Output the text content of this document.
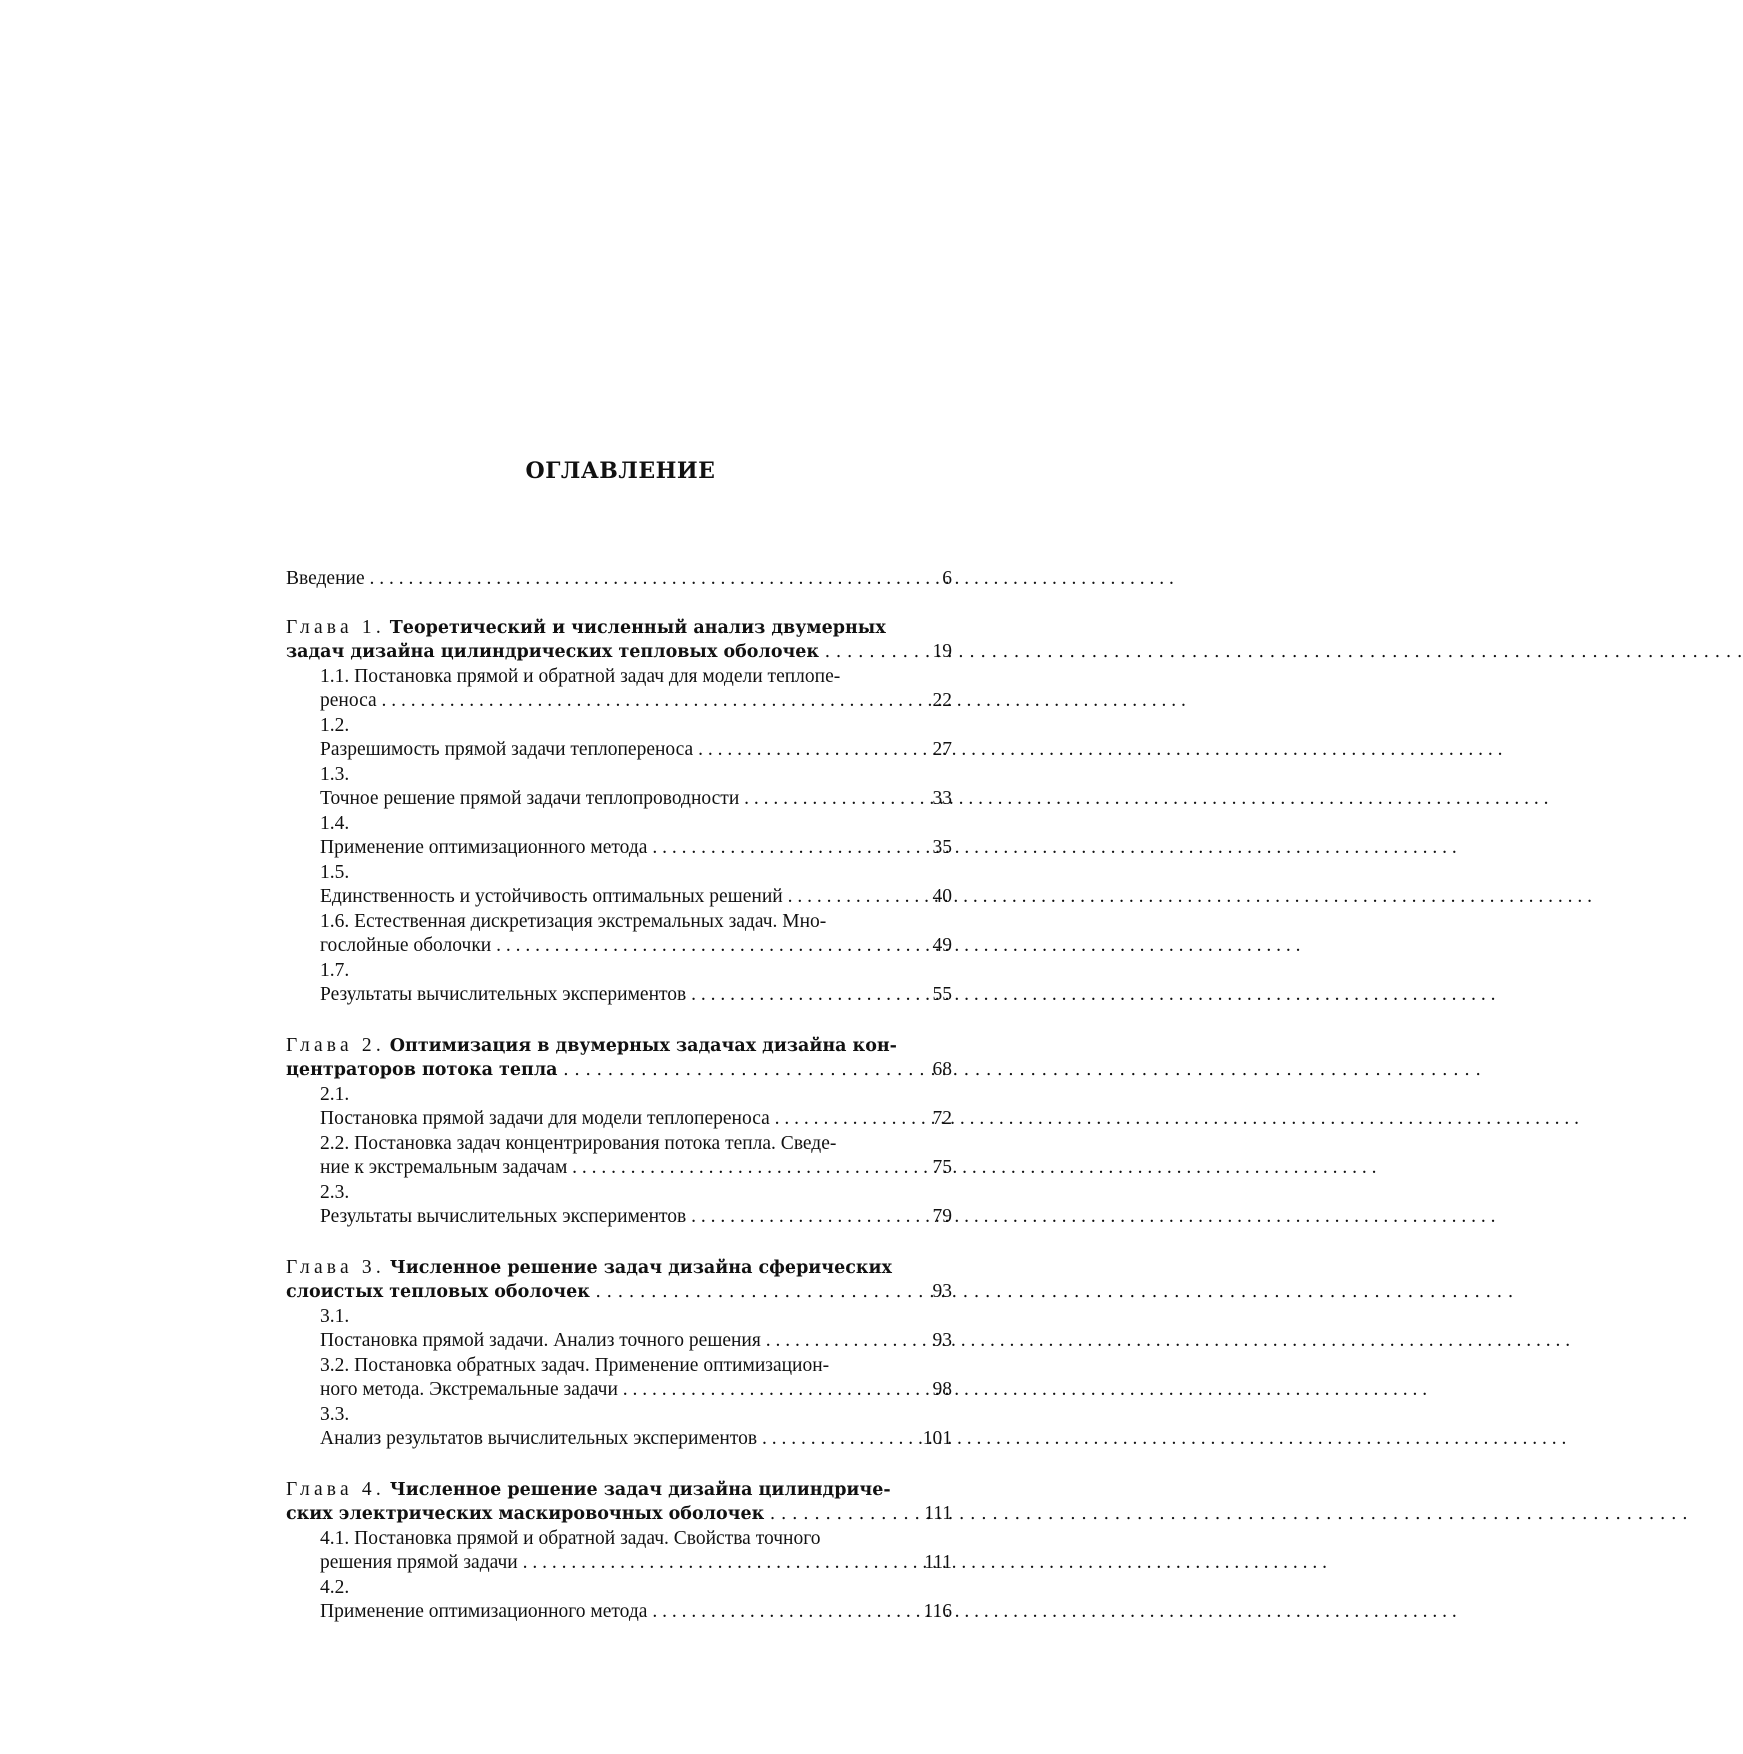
ОГЛАВЛЕНИЕ
Введение . . .	6
Глава 1. Теоретический и численный анализ двумерных
задач дизайна цилиндрических тепловых оболочек . . .	19
1.1. Постановка прямой и обратной задач для модели теплопе-
реноса . . .	22
1.2.
Разрешимость прямой задачи теплопереноса . . .	27
1.3.
Точное решение прямой задачи теплопроводности . . .	33
1.4.
Применение оптимизационного метода . . .	35
1.5.
Единственность и устойчивость оптимальных решений . . .	40
1.6. Естественная дискретизация экстремальных задач. Мно-
гослойные оболочки . . .	49
1.7.
Результаты вычислительных экспериментов . . .	55
Глава 2. Оптимизация в двумерных задачах дизайна кон-
центраторов потока тепла . . .	68
2.1.
Постановка прямой задачи для модели теплопереноса . . .	72
2.2. Постановка задач концентрирования потока тепла. Сведе-
ние к экстремальным задачам . . .	75
2.3.
Результаты вычислительных экспериментов . . .	79
Глава 3. Численное решение задач дизайна сферических
слоистых тепловых оболочек . . .	93
3.1.
Постановка прямой задачи. Анализ точного решения . . .	93
3.2. Постановка обратных задач. Применение оптимизацион-
ного метода. Экстремальные задачи . . .	98
3.3.
Анализ результатов вычислительных экспериментов . . .	101
Глава 4. Численное решение задач дизайна цилиндриче-
ских электрических маскировочных оболочек . . .	111
4.1. Постановка прямой и обратной задач. Свойства точного
решения прямой задачи . . .	111
4.2.
Применение оптимизационного метода . . .	116
